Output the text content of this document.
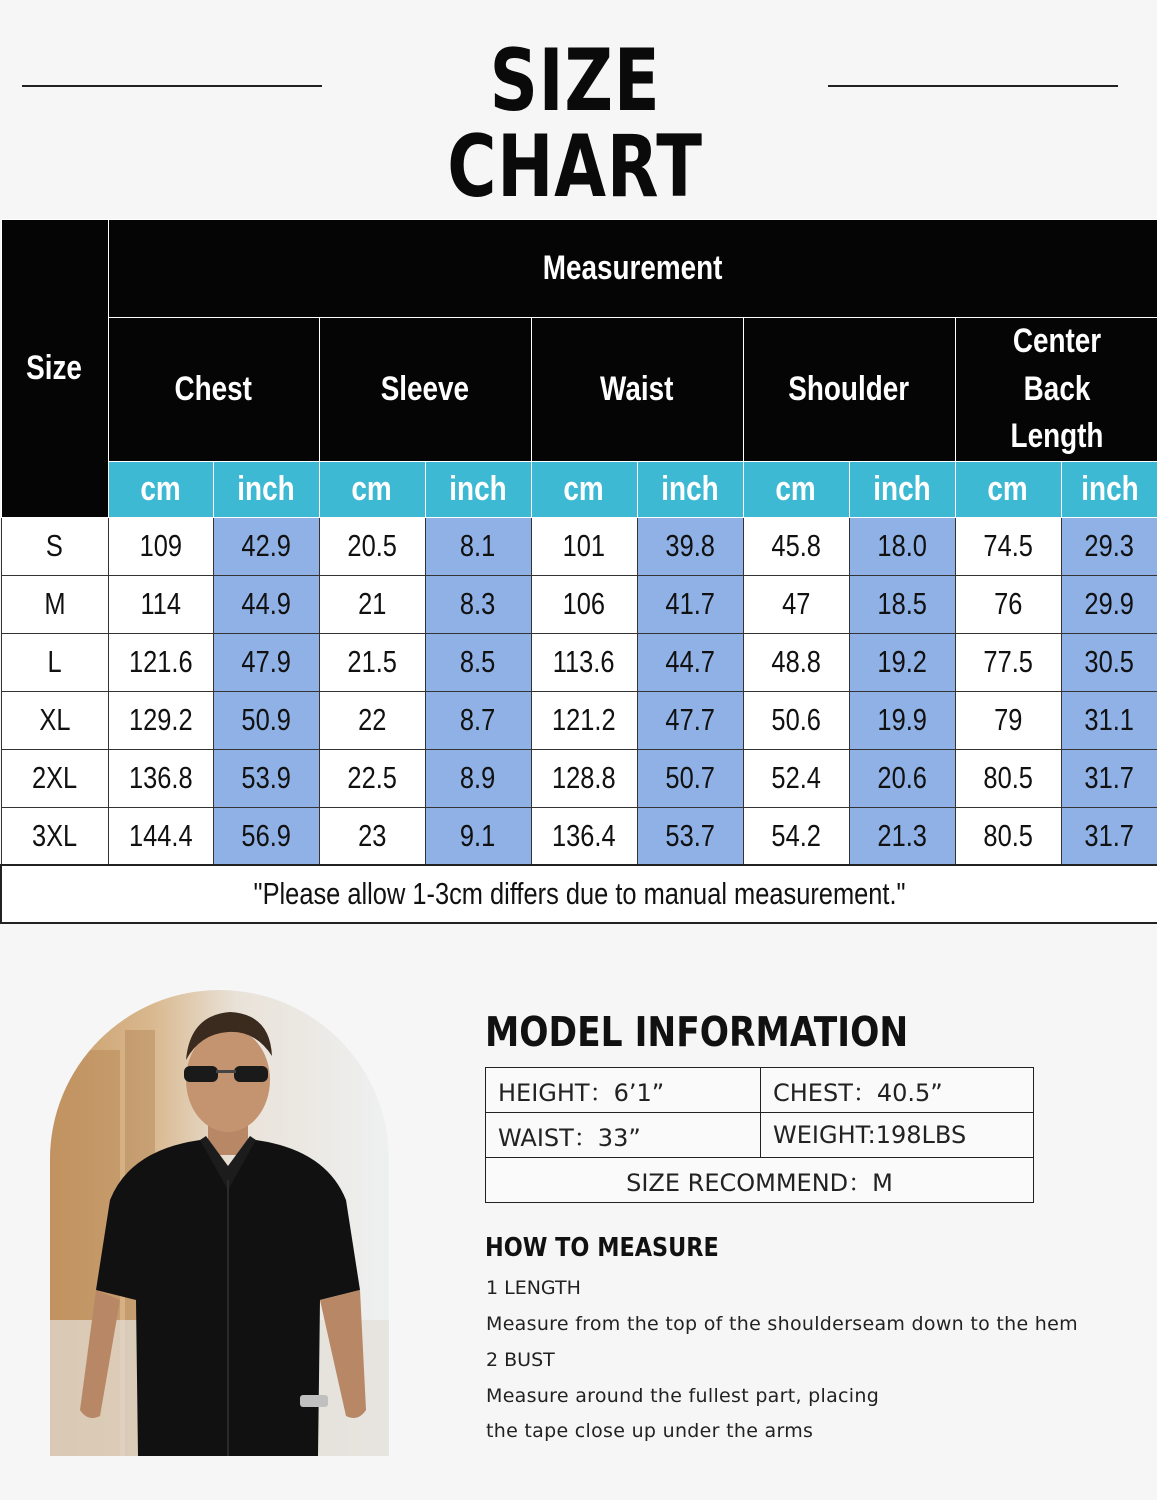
SIZE CHART
Size	Measurement									
	Chest		Sleeve		Waist		Shoulder		Center Back Length	
	cm	inch	cm	inch	cm	inch	cm	inch	cm	inch
S	109	42.9	20.5	8.1	101	39.8	45.8	18.0	74.5	29.3
M	114	44.9	21	8.3	106	41.7	47	18.5	76	29.9
L	121.6	47.9	21.5	8.5	113.6	44.7	48.8	19.2	77.5	30.5
XL	129.2	50.9	22	8.7	121.2	47.7	50.6	19.9	79	31.1
2XL	136.8	53.9	22.5	8.9	128.8	50.7	52.4	20.6	80.5	31.7
3XL	144.4	56.9	23	9.1	136.4	53.7	54.2	21.3	80.5	31.7
"Please allow 1-3cm differs due to manual measurement."										
MODEL INFORMATION
HEIGHT：6’1”	CHEST：40.5”
WAIST：33”	WEIGHT:198LBS
SIZE RECOMMEND：M	
HOW TO MEASURE
1 LENGTH
Measure from the top of the shoulderseam down to the hem
2 BUST
Measure around the fullest part, placing
the tape close up under the arms
